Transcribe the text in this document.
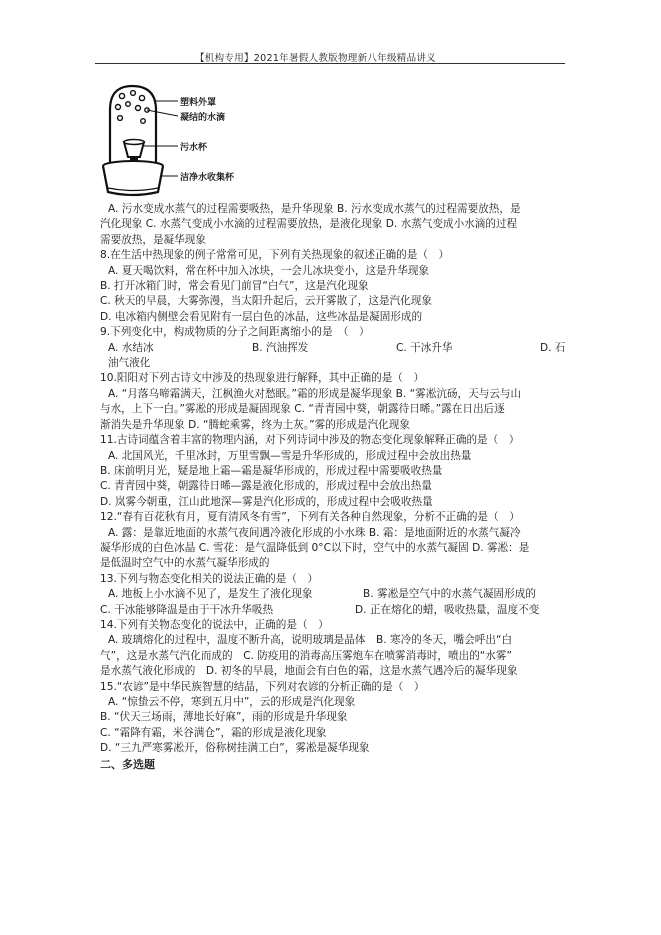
【机构专用】2021年暑假人教版物理新八年级精品讲义
塑料外罩
凝结的水滴
污水杯
洁净水收集杯

A. 污水变成水蒸气的过程需要吸热，是升华现象 B. 污水变成水蒸气的过程需要放热，是

汽化现象 C. 水蒸气变成小水滴的过程需要放热，是液化现象 D. 水蒸气变成小水滴的过程

需要放热，是凝华现象

8.在生活中热现象的例子常常可见，下列有关热现象的叙述正确的是（　）

A. 夏天喝饮料，常在杯中加入冰块，一会儿冰块变小，这是升华现象

B. 打开冰箱门时，常会看见门前冒“白气”，这是汽化现象

C. 秋天的早晨，大雾弥漫，当太阳升起后，云开雾散了，这是汽化现象

D. 电冰箱内侧壁会看见附有一层白色的冰晶，这些冰晶是凝固形成的

9.下列变化中，构成物质的分子之间距离缩小的是　（　）

A. 水结冰	B. 汽油挥发	C. 干冰升华	D. 石

油气液化

10.阳阳对下列古诗文中涉及的热现象进行解释，其中正确的是（　）

A. “月落乌啼霜满天，江枫渔火对愁眠。”霜的形成是凝华现象 B. “雾凇沆砀，天与云与山

与水，上下一白。”雾凇的形成是凝固现象 C. “青青园中葵，朝露待日晞。”露在日出后逐

渐消失是升华现象 D. “腾蛇乘雾，终为土灰。”雾的形成是汽化现象

11.古诗词蕴含着丰富的物理内涵，对下列诗词中涉及的物态变化现象解释正确的是（　）

A. 北国风光，千里冰封，万里雪飘—雪是升华形成的，形成过程中会放出热量

B. 床前明月光，疑是地上霜—霜是凝华形成的，形成过程中需要吸收热量

C. 青青园中葵，朝露待日晞—露是液化形成的，形成过程中会放出热量

D. 岚雾今朝重，江山此地深—雾是汽化形成的，形成过程中会吸收热量

12.“春有百花秋有月，夏有清风冬有雪”，下列有关各种自然现象，分析不正确的是（　）

A. 露：是靠近地面的水蒸气夜间遇冷液化形成的小水珠 B. 霜：是地面附近的水蒸气凝冷

凝华形成的白色冰晶 C. 雪花：是气温降低到 0°C以下时，空气中的水蒸气凝固 D. 雾凇：是

是低温时空气中的水蒸气凝华形成的

13.下列与物态变化相关的说法正确的是（　）

A. 地板上小水滴不见了，是发生了液化现象	B. 雾凇是空气中的水蒸气凝固形成的

C. 干冰能够降温是由于干冰升华吸热	D. 正在熔化的蜡，吸收热量，温度不变

14.下列有关物态变化的说法中，正确的是（　）

A. 玻璃熔化的过程中，温度不断升高，说明玻璃是晶体　B. 寒冷的冬天，嘴会呼出“白

气”，这是水蒸气汽化而成的　C. 防疫用的消毒高压雾炮车在喷雾消毒时，喷出的“水雾”

是水蒸气液化形成的　D. 初冬的早晨，地面会有白色的霜，这是水蒸气遇冷后的凝华现象

15.“农谚”是中华民族智慧的结晶，下列对农谚的分析正确的是（　）

A. “惊蛰云不停，寒到五月中”，云的形成是汽化现象

B. “伏天三场雨，薄地长好麻”，雨的形成是升华现象

C. “霜降有霜，米谷满仓”，霜的形成是液化现象

D. “三九严寒雾凇开，俗称树挂满工白”，雾凇是凝华现象

二、多选题
